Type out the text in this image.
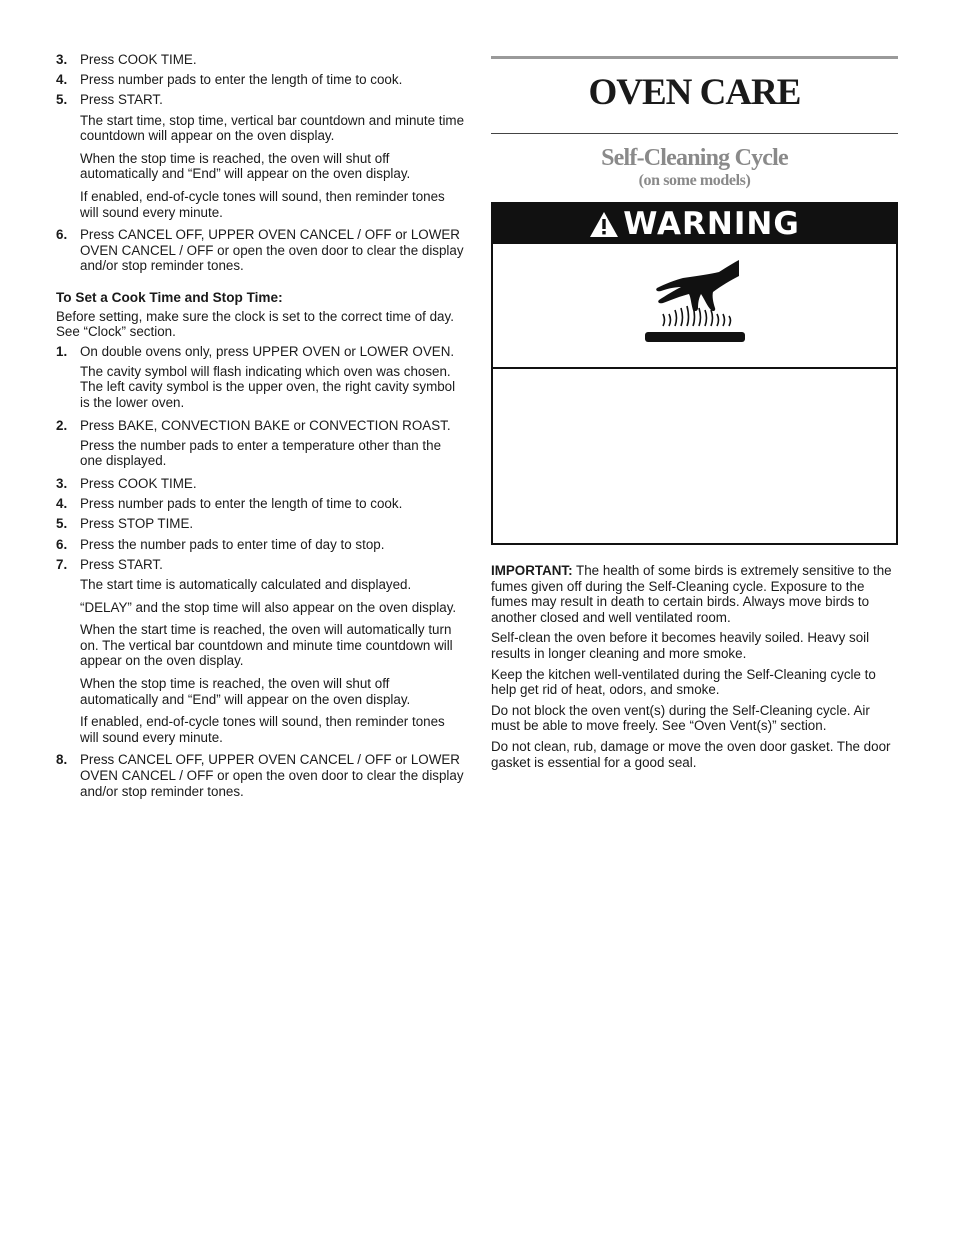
3. Press COOK TIME.
4. Press number pads to enter the length of time to cook.
5. Press START.
The start time, stop time, vertical bar countdown and minute time countdown will appear on the oven display.
When the stop time is reached, the oven will shut off automatically and “End” will appear on the oven display.
If enabled, end-of-cycle tones will sound, then reminder tones will sound every minute.
6. Press CANCEL OFF, UPPER OVEN CANCEL / OFF or LOWER OVEN CANCEL / OFF or open the oven door to clear the display and/or stop reminder tones.
To Set a Cook Time and Stop Time:
Before setting, make sure the clock is set to the correct time of day. See “Clock” section.
1. On double ovens only, press UPPER OVEN or LOWER OVEN.
The cavity symbol will flash indicating which oven was chosen. The left cavity symbol is the upper oven, the right cavity symbol is the lower oven.
2. Press BAKE, CONVECTION BAKE or CONVECTION ROAST.
Press the number pads to enter a temperature other than the one displayed.
3. Press COOK TIME.
4. Press number pads to enter the length of time to cook.
5. Press STOP TIME.
6. Press the number pads to enter time of day to stop.
7. Press START.
The start time is automatically calculated and displayed.
“DELAY” and the stop time will also appear on the oven display.
When the start time is reached, the oven will automatically turn on. The vertical bar countdown and minute time countdown will appear on the oven display.
When the stop time is reached, the oven will shut off automatically and “End” will appear on the oven display.
If enabled, end-of-cycle tones will sound, then reminder tones will sound every minute.
8. Press CANCEL OFF, UPPER OVEN CANCEL / OFF or LOWER OVEN CANCEL / OFF or open the oven door to clear the display and/or stop reminder tones.
OVEN CARE
Self-Cleaning Cycle
(on some models)
WARNING

IMPORTANT: The health of some birds is extremely sensitive to the fumes given off during the Self-Cleaning cycle. Exposure to the fumes may result in death to certain birds. Always move birds to another closed and well ventilated room.

Self-clean the oven before it becomes heavily soiled. Heavy soil results in longer cleaning and more smoke.

Keep the kitchen well-ventilated during the Self-Cleaning cycle to help get rid of heat, odors, and smoke.

Do not block the oven vent(s) during the Self-Cleaning cycle. Air must be able to move freely. See “Oven Vent(s)” section.

Do not clean, rub, damage or move the oven door gasket. The door gasket is essential for a good seal.
